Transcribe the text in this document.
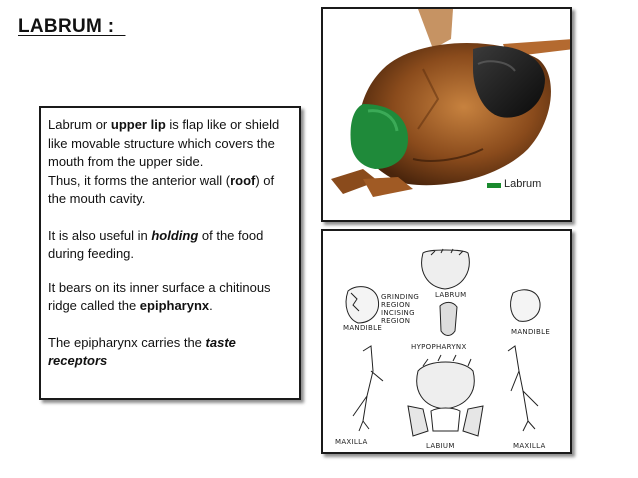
LABRUM :

Labrum or upper lip is flap like or shield like movable structure which covers the mouth from the upper side.

Thus, it forms the anterior wall (roof) of the mouth cavity.

It is also useful in holding of the food during feeding.

It bears on its inner surface a chitinous ridge called the epipharynx.

The epipharynx carries the taste receptors

Labrum
LABRUM
GRINDING
REGION
INCISING
REGION
MANDIBLE	MANDIBLE
HYPOPHARYNX
MAXILLA	LABIUM	MAXILLA
